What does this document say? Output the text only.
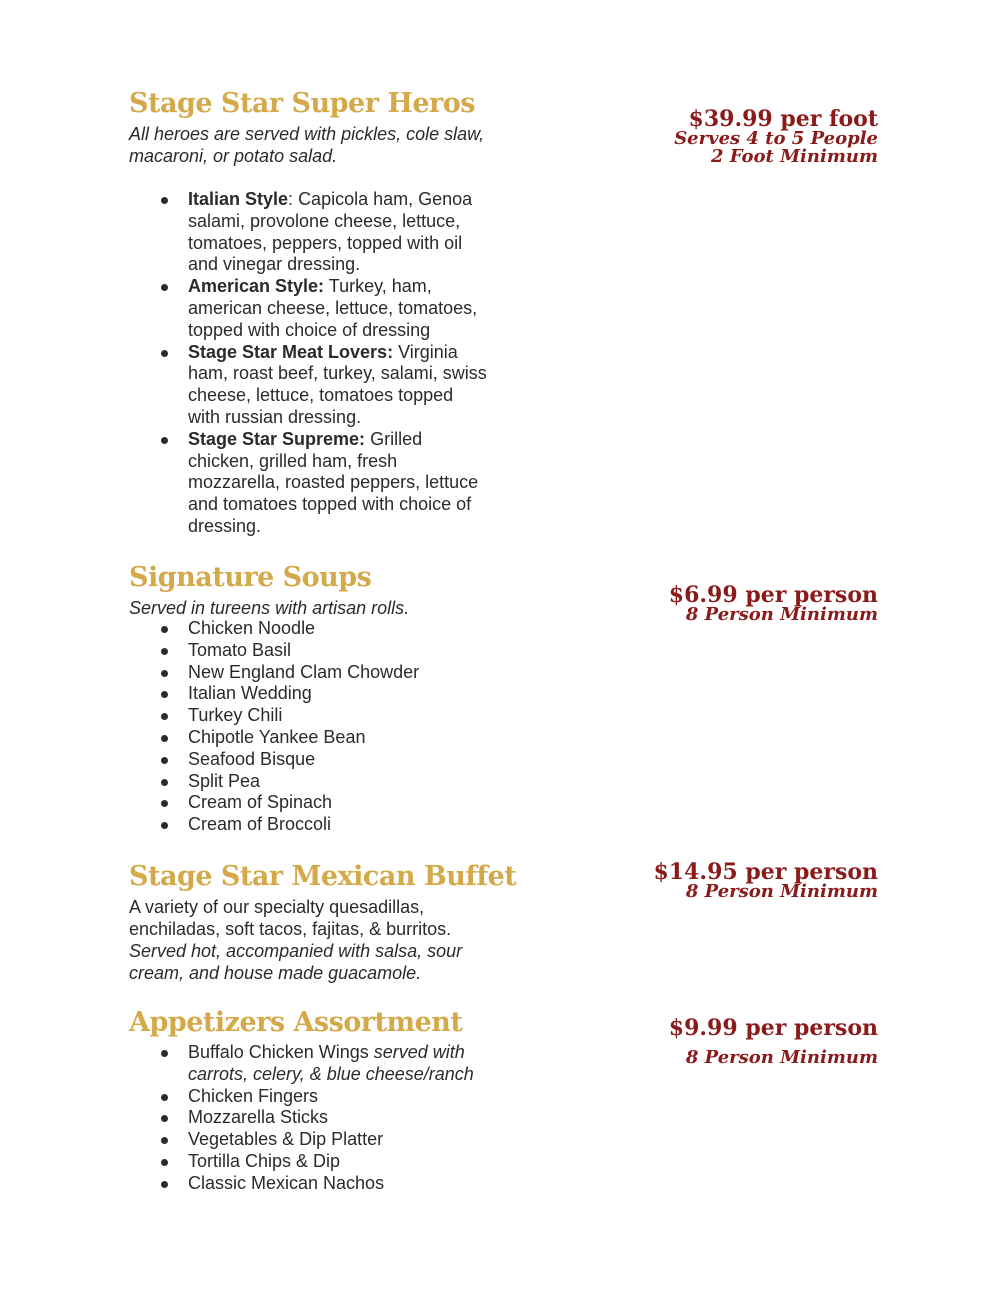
Stage Star Super Heros	$39.99 per foot
Serves 4 to 5 People
2 Foot Minimum
All heroes are served with pickles, cole slaw, macaroni, or potato salad.
Italian Style: Capicola ham, Genoa salami, provolone cheese, lettuce, tomatoes, peppers, topped with oil and vinegar dressing.
American Style: Turkey, ham, american cheese, lettuce, tomatoes, topped with choice of dressing
Stage Star Meat Lovers: Virginia ham, roast beef, turkey, salami, swiss cheese, lettuce, tomatoes topped with russian dressing.
Stage Star Supreme: Grilled chicken, grilled ham, fresh mozzarella, roasted peppers, lettuce and tomatoes topped with choice of dressing.
Signature Soups
$6.99 per person
8 Person Minimum
Served in tureens with artisan rolls.
Chicken Noodle
Tomato Basil
New England Clam Chowder
Italian Wedding
Turkey Chili
Chipotle Yankee Bean
Seafood Bisque
Split Pea
Cream of Spinach
Cream of Broccoli
Stage Star Mexican Buffet	$14.95 per person
8 Person Minimum
A variety of our specialty quesadillas, enchiladas, soft tacos, fajitas, & burritos. Served hot, accompanied with salsa, sour cream, and house made guacamole.
Appetizers Assortment	$9.99 per person
8 Person Minimum
Buffalo Chicken Wings served with carrots, celery, & blue cheese/ranch
Chicken Fingers
Mozzarella Sticks
Vegetables & Dip Platter
Tortilla Chips & Dip
Classic Mexican Nachos
